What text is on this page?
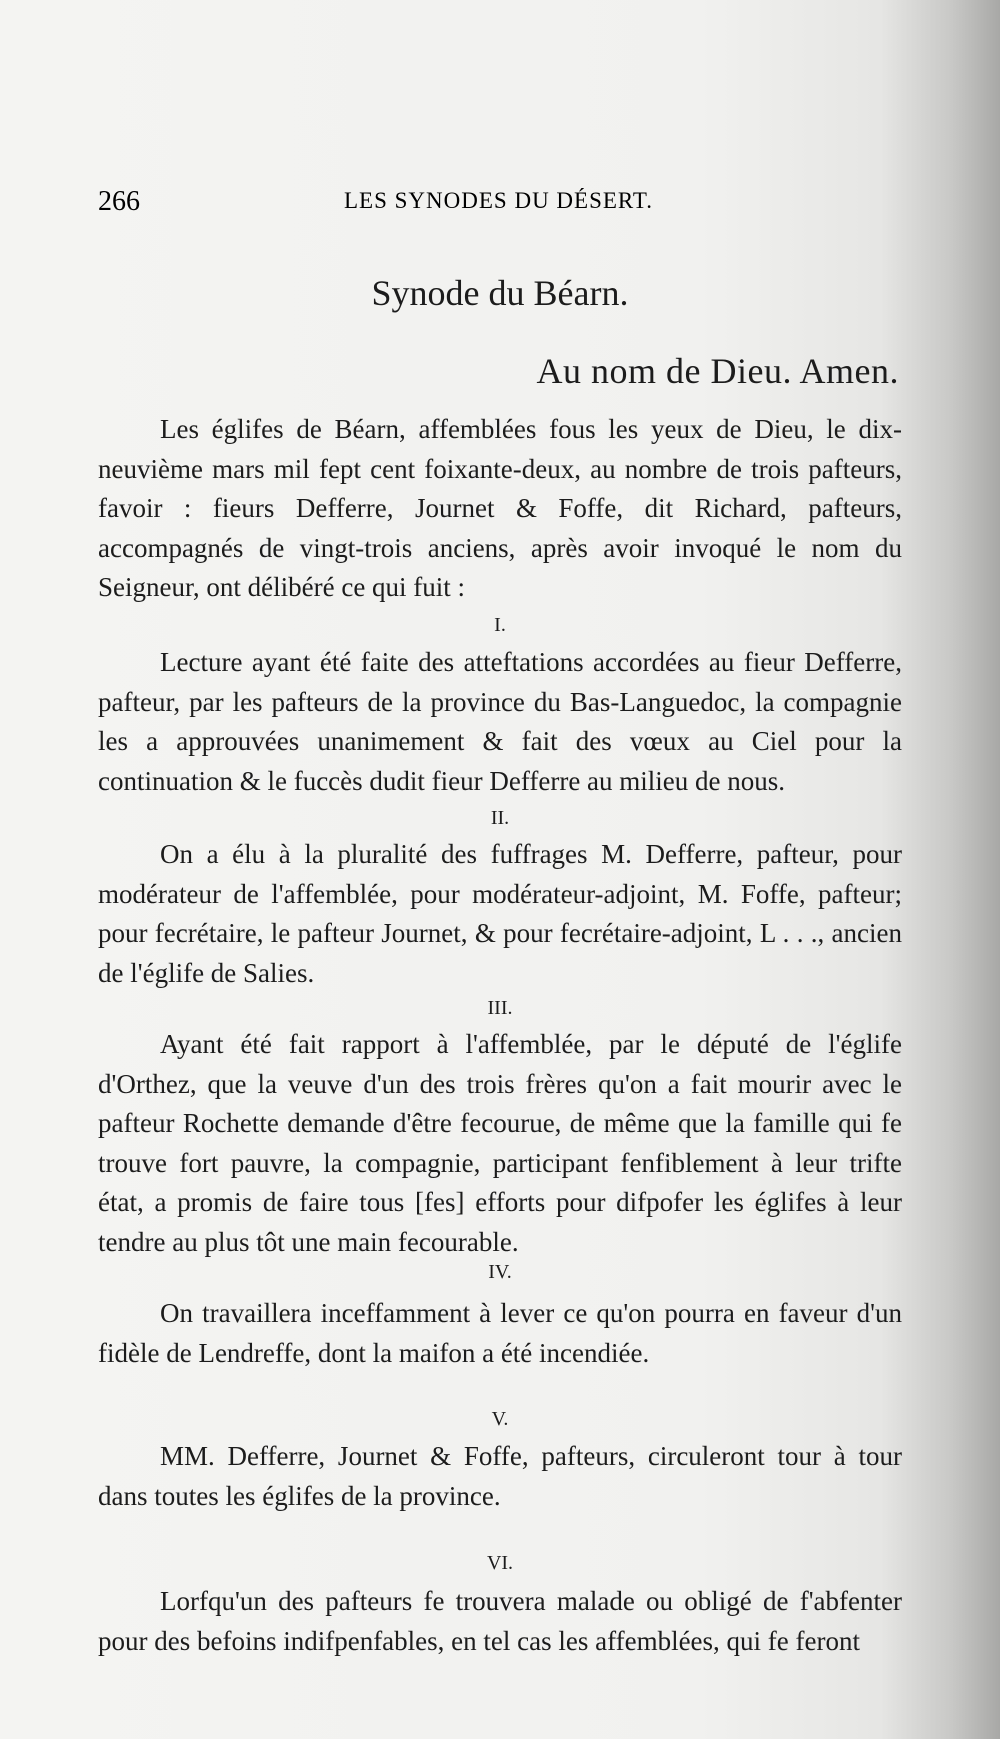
266	LES SYNODES DU DÉSERT.
Synode du Béarn.
Au nom de Dieu. Amen.
Les églifes de Béarn, affemblées fous les yeux de Dieu, le dix-neuvième mars mil fept cent foixante-deux, au nombre de trois pafteurs, favoir : fieurs Defferre, Journet & Foffe, dit Richard, pafteurs, accompagnés de vingt-trois anciens, après avoir invoqué le nom du Seigneur, ont délibéré ce qui fuit :
I.
Lecture ayant été faite des atteftations accordées au fieur Defferre, pafteur, par les pafteurs de la province du Bas-Languedoc, la compagnie les a approuvées unanimement & fait des vœux au Ciel pour la continuation & le fuccès dudit fieur Defferre au milieu de nous.
II.
On a élu à la pluralité des fuffrages M. Defferre, pafteur, pour modérateur de l'affemblée, pour modérateur-adjoint, M. Foffe, pafteur; pour fecrétaire, le pafteur Journet, & pour fecrétaire-adjoint, L . . ., ancien de l'églife de Salies.
III.
Ayant été fait rapport à l'affemblée, par le député de l'églife d'Orthez, que la veuve d'un des trois frères qu'on a fait mourir avec le pafteur Rochette demande d'être fecourue, de même que la famille qui fe trouve fort pauvre, la compagnie, participant fenfiblement à leur trifte état, a promis de faire tous [fes] efforts pour difpofer les églifes à leur tendre au plus tôt une main fecourable.
IV.
On travaillera inceffamment à lever ce qu'on pourra en faveur d'un fidèle de Lendreffe, dont la maifon a été incendiée.
V.
MM. Defferre, Journet & Foffe, pafteurs, circuleront tour à tour dans toutes les églifes de la province.
VI.
Lorfqu'un des pafteurs fe trouvera malade ou obligé de f'abfenter pour des befoins indifpenfables, en tel cas les affemblées, qui fe feront
